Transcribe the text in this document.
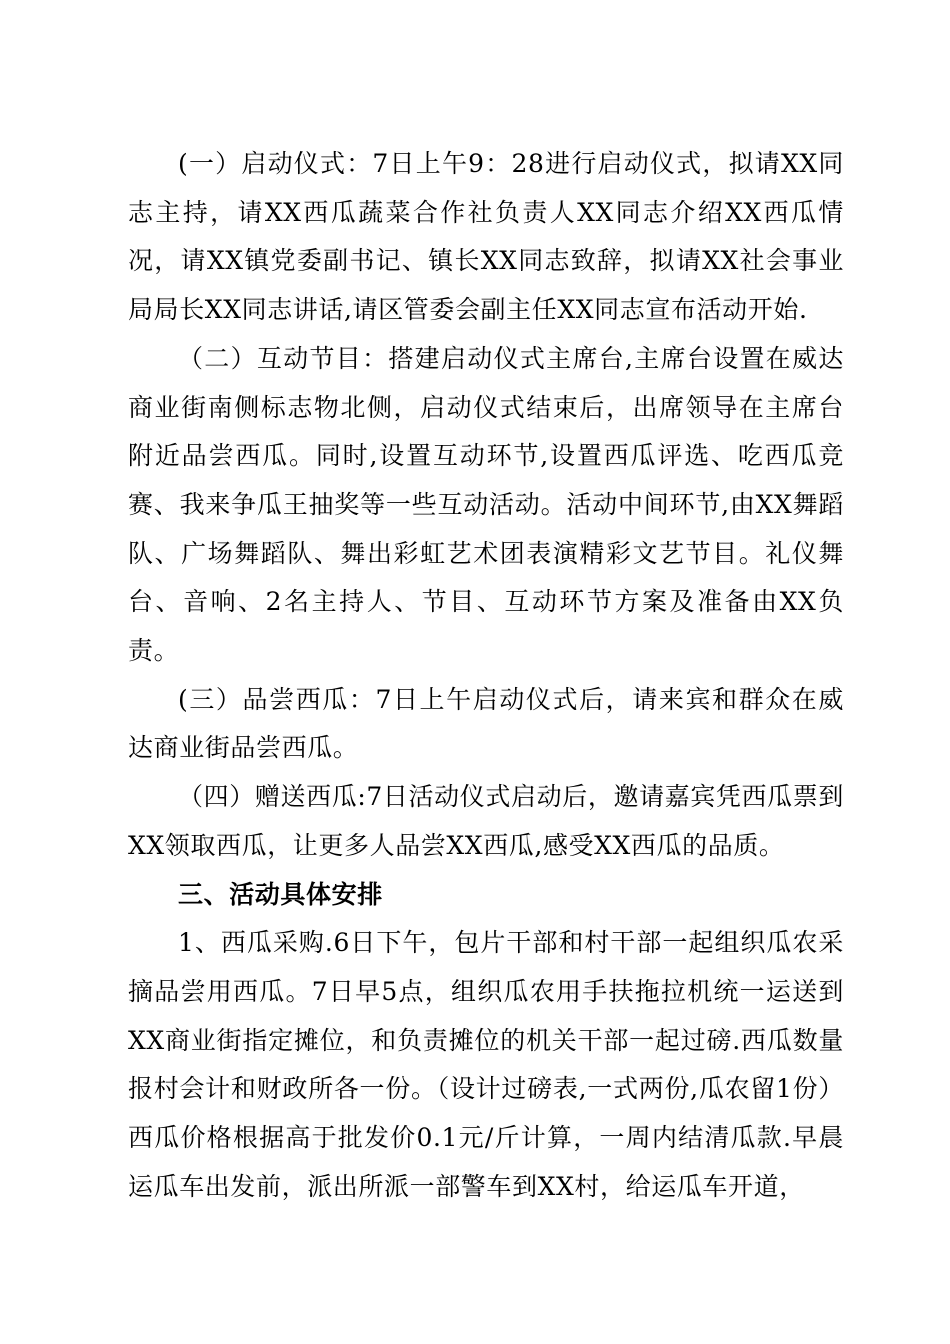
(一）启动仪式：7日上午9：28进行启动仪式，拟请XX同志主持，请XX西瓜蔬菜合作社负责人XX同志介绍XX西瓜情况，请XX镇党委副书记、镇长XX同志致辞，拟请XX社会事业局局长XX同志讲话,请区管委会副主任XX同志宣布活动开始.

（二）互动节目：搭建启动仪式主席台,主席台设置在威达商业街南侧标志物北侧，启动仪式结束后，出席领导在主席台附近品尝西瓜。同时,设置互动环节,设置西瓜评选、吃西瓜竞赛、我来争瓜王抽奖等一些互动活动。活动中间环节,由XX舞蹈队、广场舞蹈队、舞出彩虹艺术团表演精彩文艺节目。礼仪舞台、音响、2名主持人、节目、互动环节方案及准备由XX负责。

(三）品尝西瓜：7日上午启动仪式后，请来宾和群众在威达商业街品尝西瓜。

（四）赠送西瓜:7日活动仪式启动后，邀请嘉宾凭西瓜票到XX领取西瓜，让更多人品尝XX西瓜,感受XX西瓜的品质。

三、活动具体安排

1、西瓜采购.6日下午，包片干部和村干部一起组织瓜农采摘品尝用西瓜。7日早5点，组织瓜农用手扶拖拉机统一运送到XX商业街指定摊位，和负责摊位的机关干部一起过磅.西瓜数量报村会计和财政所各一份。（设计过磅表,一式两份,瓜农留1份）西瓜价格根据高于批发价0.1元/斤计算，一周内结清瓜款.早晨运瓜车出发前，派出所派一部警车到XX村，给运瓜车开道，
